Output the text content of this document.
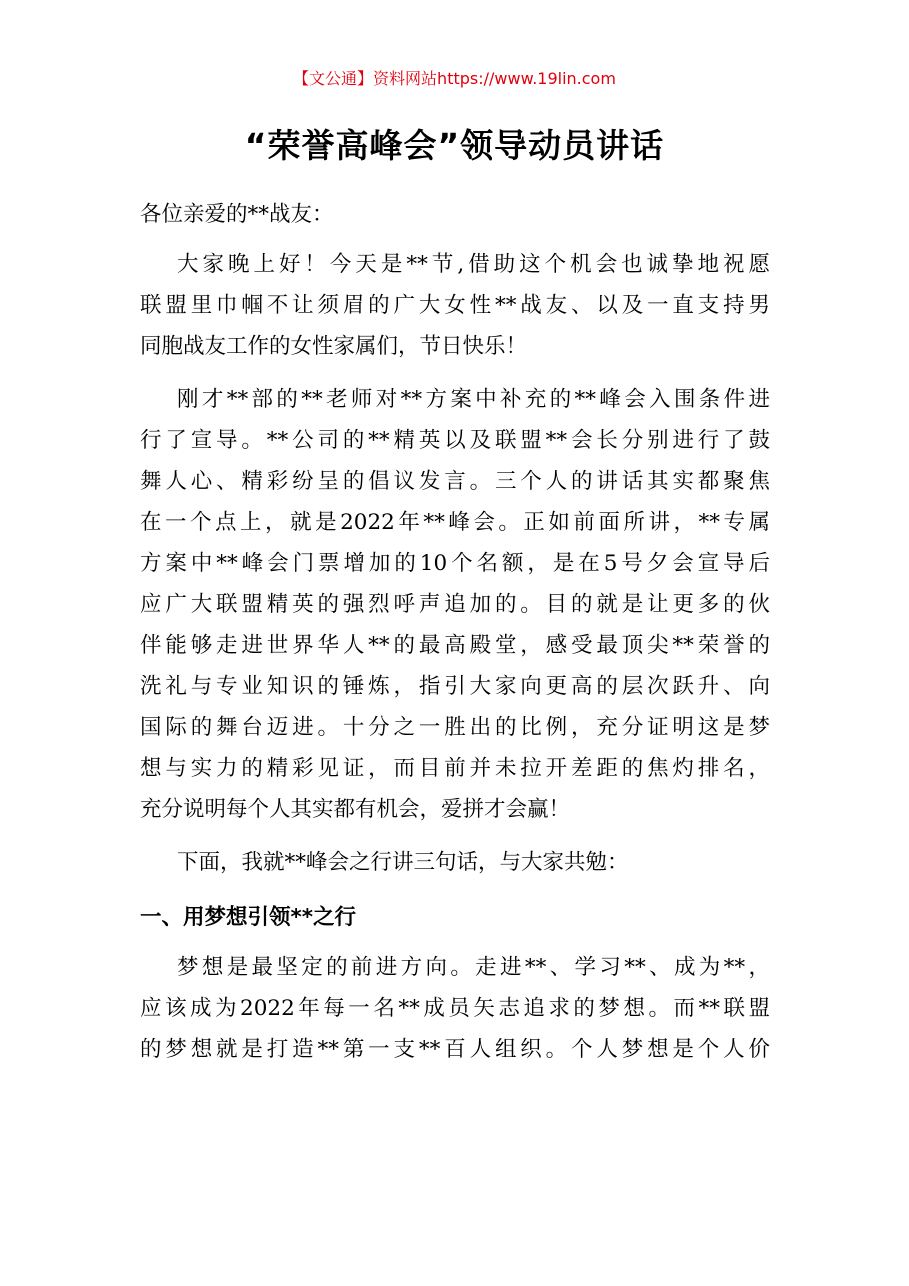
【文公通】资料网站https://www.19lin.com
“荣誉高峰会”领导动员讲话
各位亲爱的**战友：
大家晚上好！今天是**节,借助这个机会也诚挚地祝愿
联盟里巾帼不让须眉的广大女性**战友、以及一直支持男
同胞战友工作的女性家属们，节日快乐！
刚才**部的**老师对**方案中补充的**峰会入围条件进
行了宣导。**公司的**精英以及联盟**会长分别进行了鼓
舞人心、精彩纷呈的倡议发言。三个人的讲话其实都聚焦
在一个点上，就是2022年**峰会。正如前面所讲，**专属
方案中**峰会门票增加的10个名额，是在5号夕会宣导后
应广大联盟精英的强烈呼声追加的。目的就是让更多的伙
伴能够走进世界华人**的最高殿堂，感受最顶尖**荣誉的
洗礼与专业知识的锤炼，指引大家向更高的层次跃升、向
国际的舞台迈进。十分之一胜出的比例，充分证明这是梦
想与实力的精彩见证，而目前并未拉开差距的焦灼排名，
充分说明每个人其实都有机会，爱拼才会赢！
下面，我就**峰会之行讲三句话，与大家共勉：
一、用梦想引领**之行
梦想是最坚定的前进方向。走进**、学习**、成为**，
应该成为2022年每一名**成员矢志追求的梦想。而**联盟
的梦想就是打造**第一支**百人组织。个人梦想是个人价
